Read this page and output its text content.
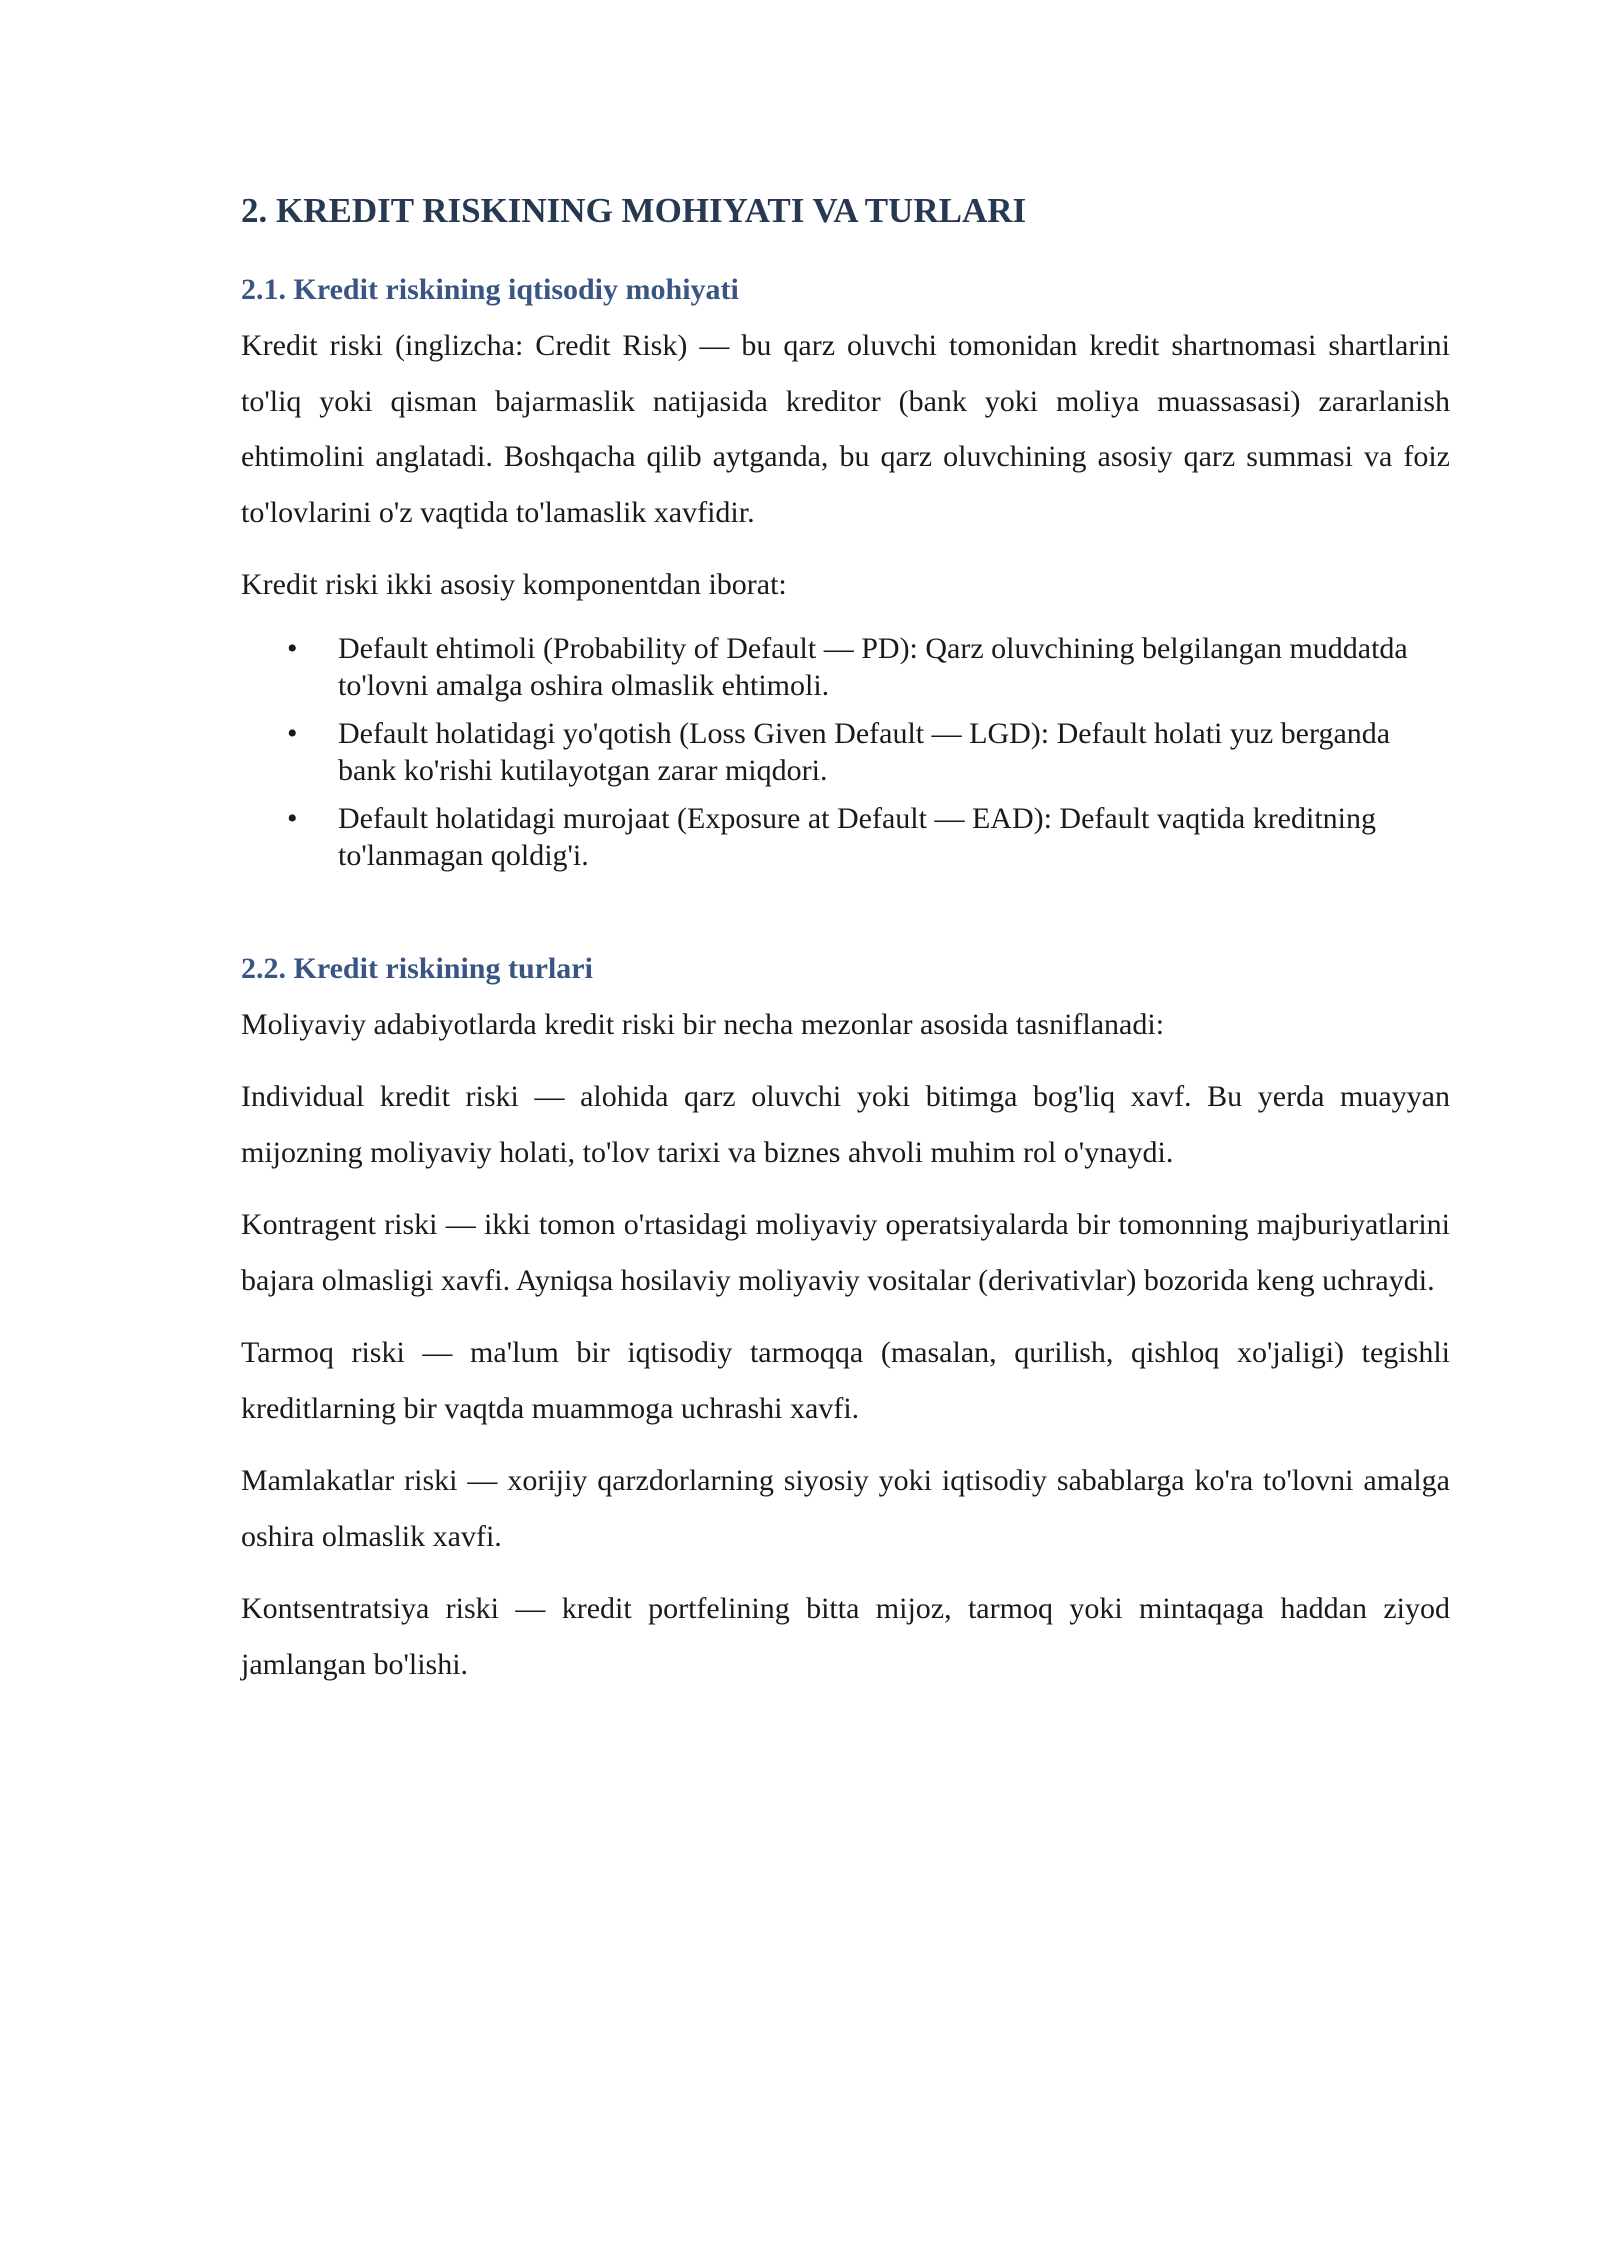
2. KREDIT RISKINING MOHIYATI VA TURLARI
2.1. Kredit riskining iqtisodiy mohiyati

Kredit riski (inglizcha: Credit Risk) — bu qarz oluvchi tomonidan kredit shartnomasi shartlarini to'liq yoki qisman bajarmaslik natijasida kreditor (bank yoki moliya muassasasi) zararlanish ehtimolini anglatadi. Boshqacha qilib aytganda, bu qarz oluvchining asosiy qarz summasi va foiz to'lovlarini o'z vaqtida to'lamaslik xavfidir.

Kredit riski ikki asosiy komponentdan iborat:

• Default ehtimoli (Probability of Default — PD): Qarz oluvchining belgilangan muddatda to'lovni amalga oshira olmaslik ehtimoli.
• Default holatidagi yo'qotish (Loss Given Default — LGD): Default holati yuz berganda bank ko'rishi kutilayotgan zarar miqdori.
• Default holatidagi murojaat (Exposure at Default — EAD): Default vaqtida kreditning to'lanmagan qoldig'i.
2.2. Kredit riskining turlari

Moliyaviy adabiyotlarda kredit riski bir necha mezonlar asosida tasniflanadi:

Individual kredit riski — alohida qarz oluvchi yoki bitimga bog'liq xavf. Bu yerda muayyan mijozning moliyaviy holati, to'lov tarixi va biznes ahvoli muhim rol o'ynaydi.

Kontragent riski — ikki tomon o'rtasidagi moliyaviy operatsiyalarda bir tomonning majburiyatlarini bajara olmasligi xavfi. Ayniqsa hosilaviy moliyaviy vositalar (derivativlar) bozorida keng uchraydi.

Tarmoq riski — ma'lum bir iqtisodiy tarmoqqa (masalan, qurilish, qishloq xo'jaligi) tegishli kreditlarning bir vaqtda muammoga uchrashi xavfi.

Mamlakatlar riski — xorijiy qarzdorlarning siyosiy yoki iqtisodiy sabablarga ko'ra to'lovni amalga oshira olmaslik xavfi.

Kontsentratsiya riski — kredit portfelining bitta mijoz, tarmoq yoki mintaqaga haddan ziyod jamlangan bo'lishi.
